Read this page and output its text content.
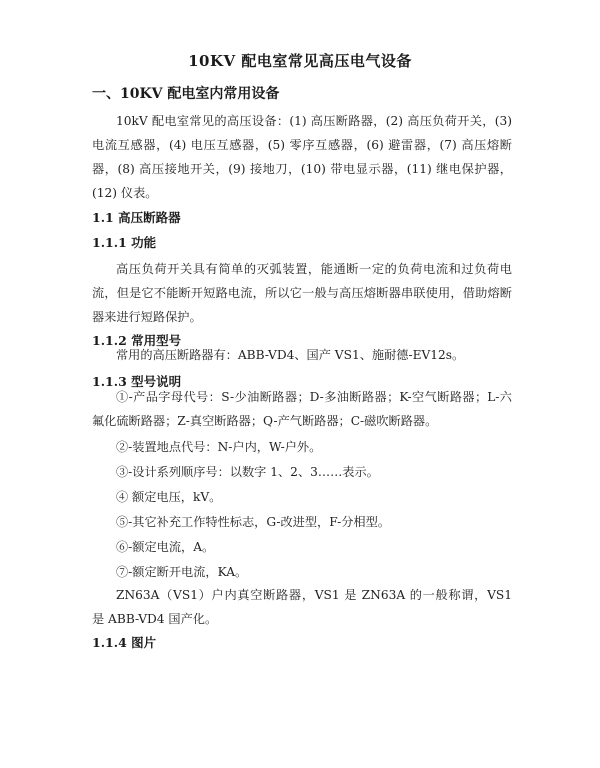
10KV 配电室常见高压电气设备
一、10KV 配电室内常用设备
10kV 配电室常见的高压设备：(1) 高压断路器，(2) 高压负荷开关，(3) 电流互感器，(4) 电压互感器，(5) 零序互感器，(6) 避雷器，(7) 高压熔断器，(8) 高压接地开关，(9) 接地刀，(10) 带电显示器，(11) 继电保护器，(12) 仪表。
1.1 高压断路器
1.1.1 功能
高压负荷开关具有简单的灭弧装置，能通断一定的负荷电流和过负荷电流，但是它不能断开短路电流，所以它一般与高压熔断器串联使用，借助熔断器来进行短路保护。
1.1.2 常用型号
常用的高压断路器有：ABB-VD4、国产 VS1、施耐德-EV12s。
1.1.3 型号说明
①-产品字母代号：S-少油断路器；D-多油断路器；K-空气断路器；L-六氟化硫断路器；Z-真空断路器；Q-产气断路器；C-磁吹断路器。
②-装置地点代号：N-户内，W-户外。
③-设计系列顺序号：以数字 1、2、3……表示。
④ 额定电压，kV。
⑤-其它补充工作特性标志，G-改进型，F-分相型。
⑥-额定电流，A。
⑦-额定断开电流，KA。
ZN63A（VS1）户内真空断路器，VS1 是 ZN63A 的一般称谓，VS1 是 ABB-VD4 国产化。
1.1.4 图片
